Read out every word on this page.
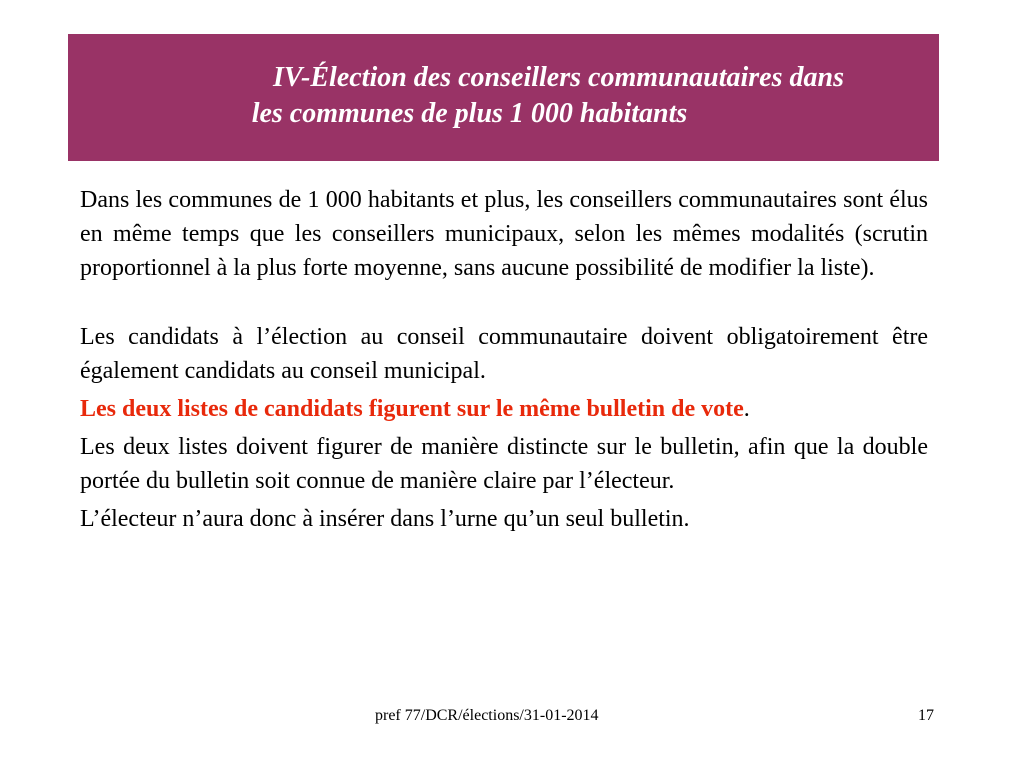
IV-Élection des conseillers communautaires dans
les communes de plus 1 000 habitants

Dans les communes de 1 000 habitants et plus, les conseillers communautaires sont élus en même temps que les conseillers municipaux, selon les mêmes modalités (scrutin proportionnel à la plus forte moyenne, sans aucune possibilité de modifier la liste).

Les candidats à l’élection au conseil communautaire doivent obligatoirement être également candidats au conseil municipal.

Les deux listes de candidats figurent sur le même bulletin de vote.

Les deux listes doivent figurer de manière distincte sur le bulletin, afin que la double portée du bulletin soit connue de manière claire par l’électeur.

L’électeur n’aura donc à insérer dans l’urne qu’un seul bulletin.

pref 77/DCR/élections/31-01-2014	17
